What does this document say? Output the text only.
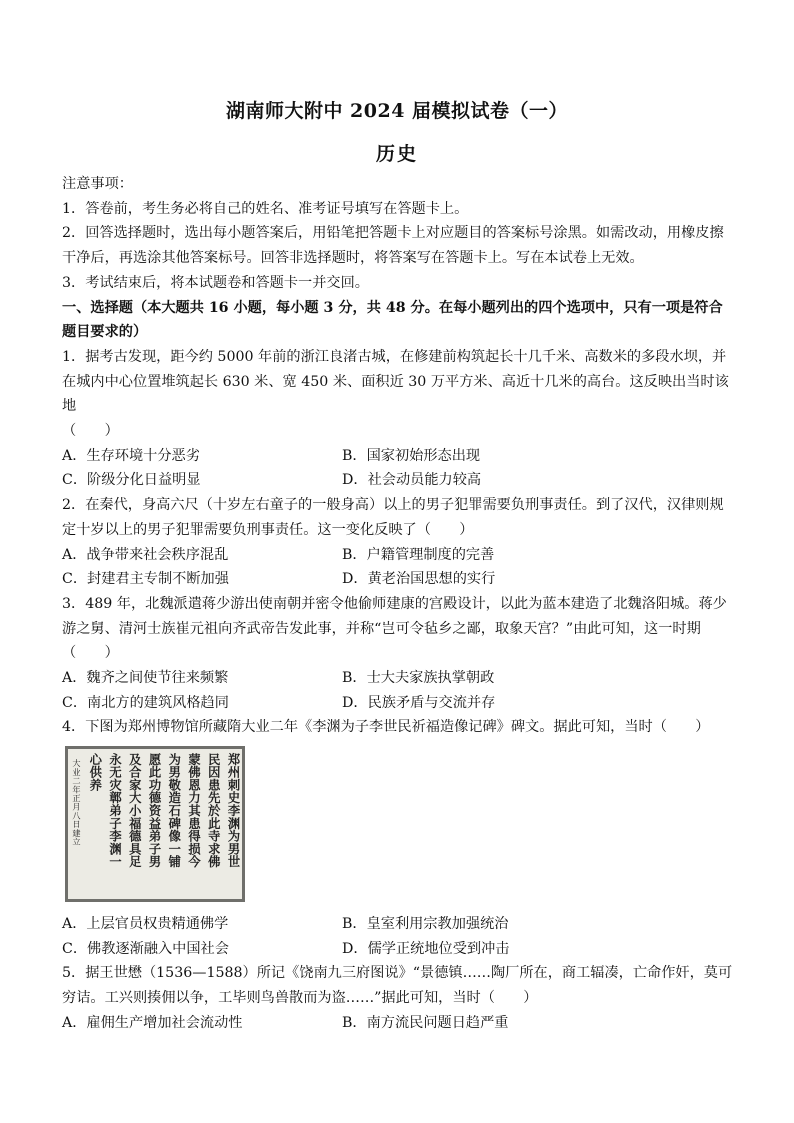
湖南师大附中 2024 届模拟试卷（一）
历史

注意事项：

1．答卷前，考生务必将自己的姓名、准考证号填写在答题卡上。

2．回答选择题时，选出每小题答案后，用铅笔把答题卡上对应题目的答案标号涂黑。如需改动，用橡皮擦干净后，再选涂其他答案标号。回答非选择题时，将答案写在答题卡上。写在本试卷上无效。

3．考试结束后，将本试题卷和答题卡一并交回。

一、选择题（本大题共 16 小题，每小题 3 分，共 48 分。在每小题列出的四个选项中，只有一项是符合题目要求的）

1．据考古发现，距今约 5000 年前的浙江良渚古城，在修建前构筑起长十几千米、高数米的多段水坝，并在城内中心位置堆筑起长 630 米、宽 450 米、面积近 30 万平方米、高近十几米的高台。这反映出当时该地

（　　）

A．生存环境十分恶劣	B．国家初始形态出现
C．阶级分化日益明显	D．社会动员能力较高

2．在秦代，身高六尺（十岁左右童子的一般身高）以上的男子犯罪需要负刑事责任。到了汉代，汉律则规定十岁以上的男子犯罪需要负刑事责任。这一变化反映了（　　）

A．战争带来社会秩序混乱	B．户籍管理制度的完善
C．封建君主专制不断加强	D．黄老治国思想的实行

3．489 年，北魏派遣蒋少游出使南朝并密令他偷师建康的宫殿设计，以此为蓝本建造了北魏洛阳城。蒋少游之舅、清河士族崔元祖向齐武帝告发此事，并称“岂可令毡乡之鄙，取象天宫？”由此可知，这一时期

（　　）

A．魏齐之间使节往来频繁	B．士大夫家族执掌朝政
C．南北方的建筑风格趋同	D．民族矛盾与交流并存

4．下图为郑州博物馆所藏隋大业二年《李渊为子李世民祈福造像记碑》碑文。据此可知，当时（　　）

郑州刺史李渊为男世
民因患先於此寺求佛
蒙佛恩力其患得损今
为男敬造石碑像一铺
愿此功德资益弟子男
及合家大小福德具足
永无灾鄣弟子李渊一
心供养
大业二年正月八日建立
A．上层官员权贵精通佛学	B．皇室利用宗教加强统治
C．佛教逐渐融入中国社会	D．儒学正统地位受到冲击

5．据王世懋（1536—1588）所记《饶南九三府图说》“景德镇……陶厂所在，商工辐凑，亡命作奸，莫可穷诘。工兴则揍佣以争，工毕则鸟兽散而为盗……”据此可知，当时（　　）

A．雇佣生产增加社会流动性	B．南方流民问题日趋严重
